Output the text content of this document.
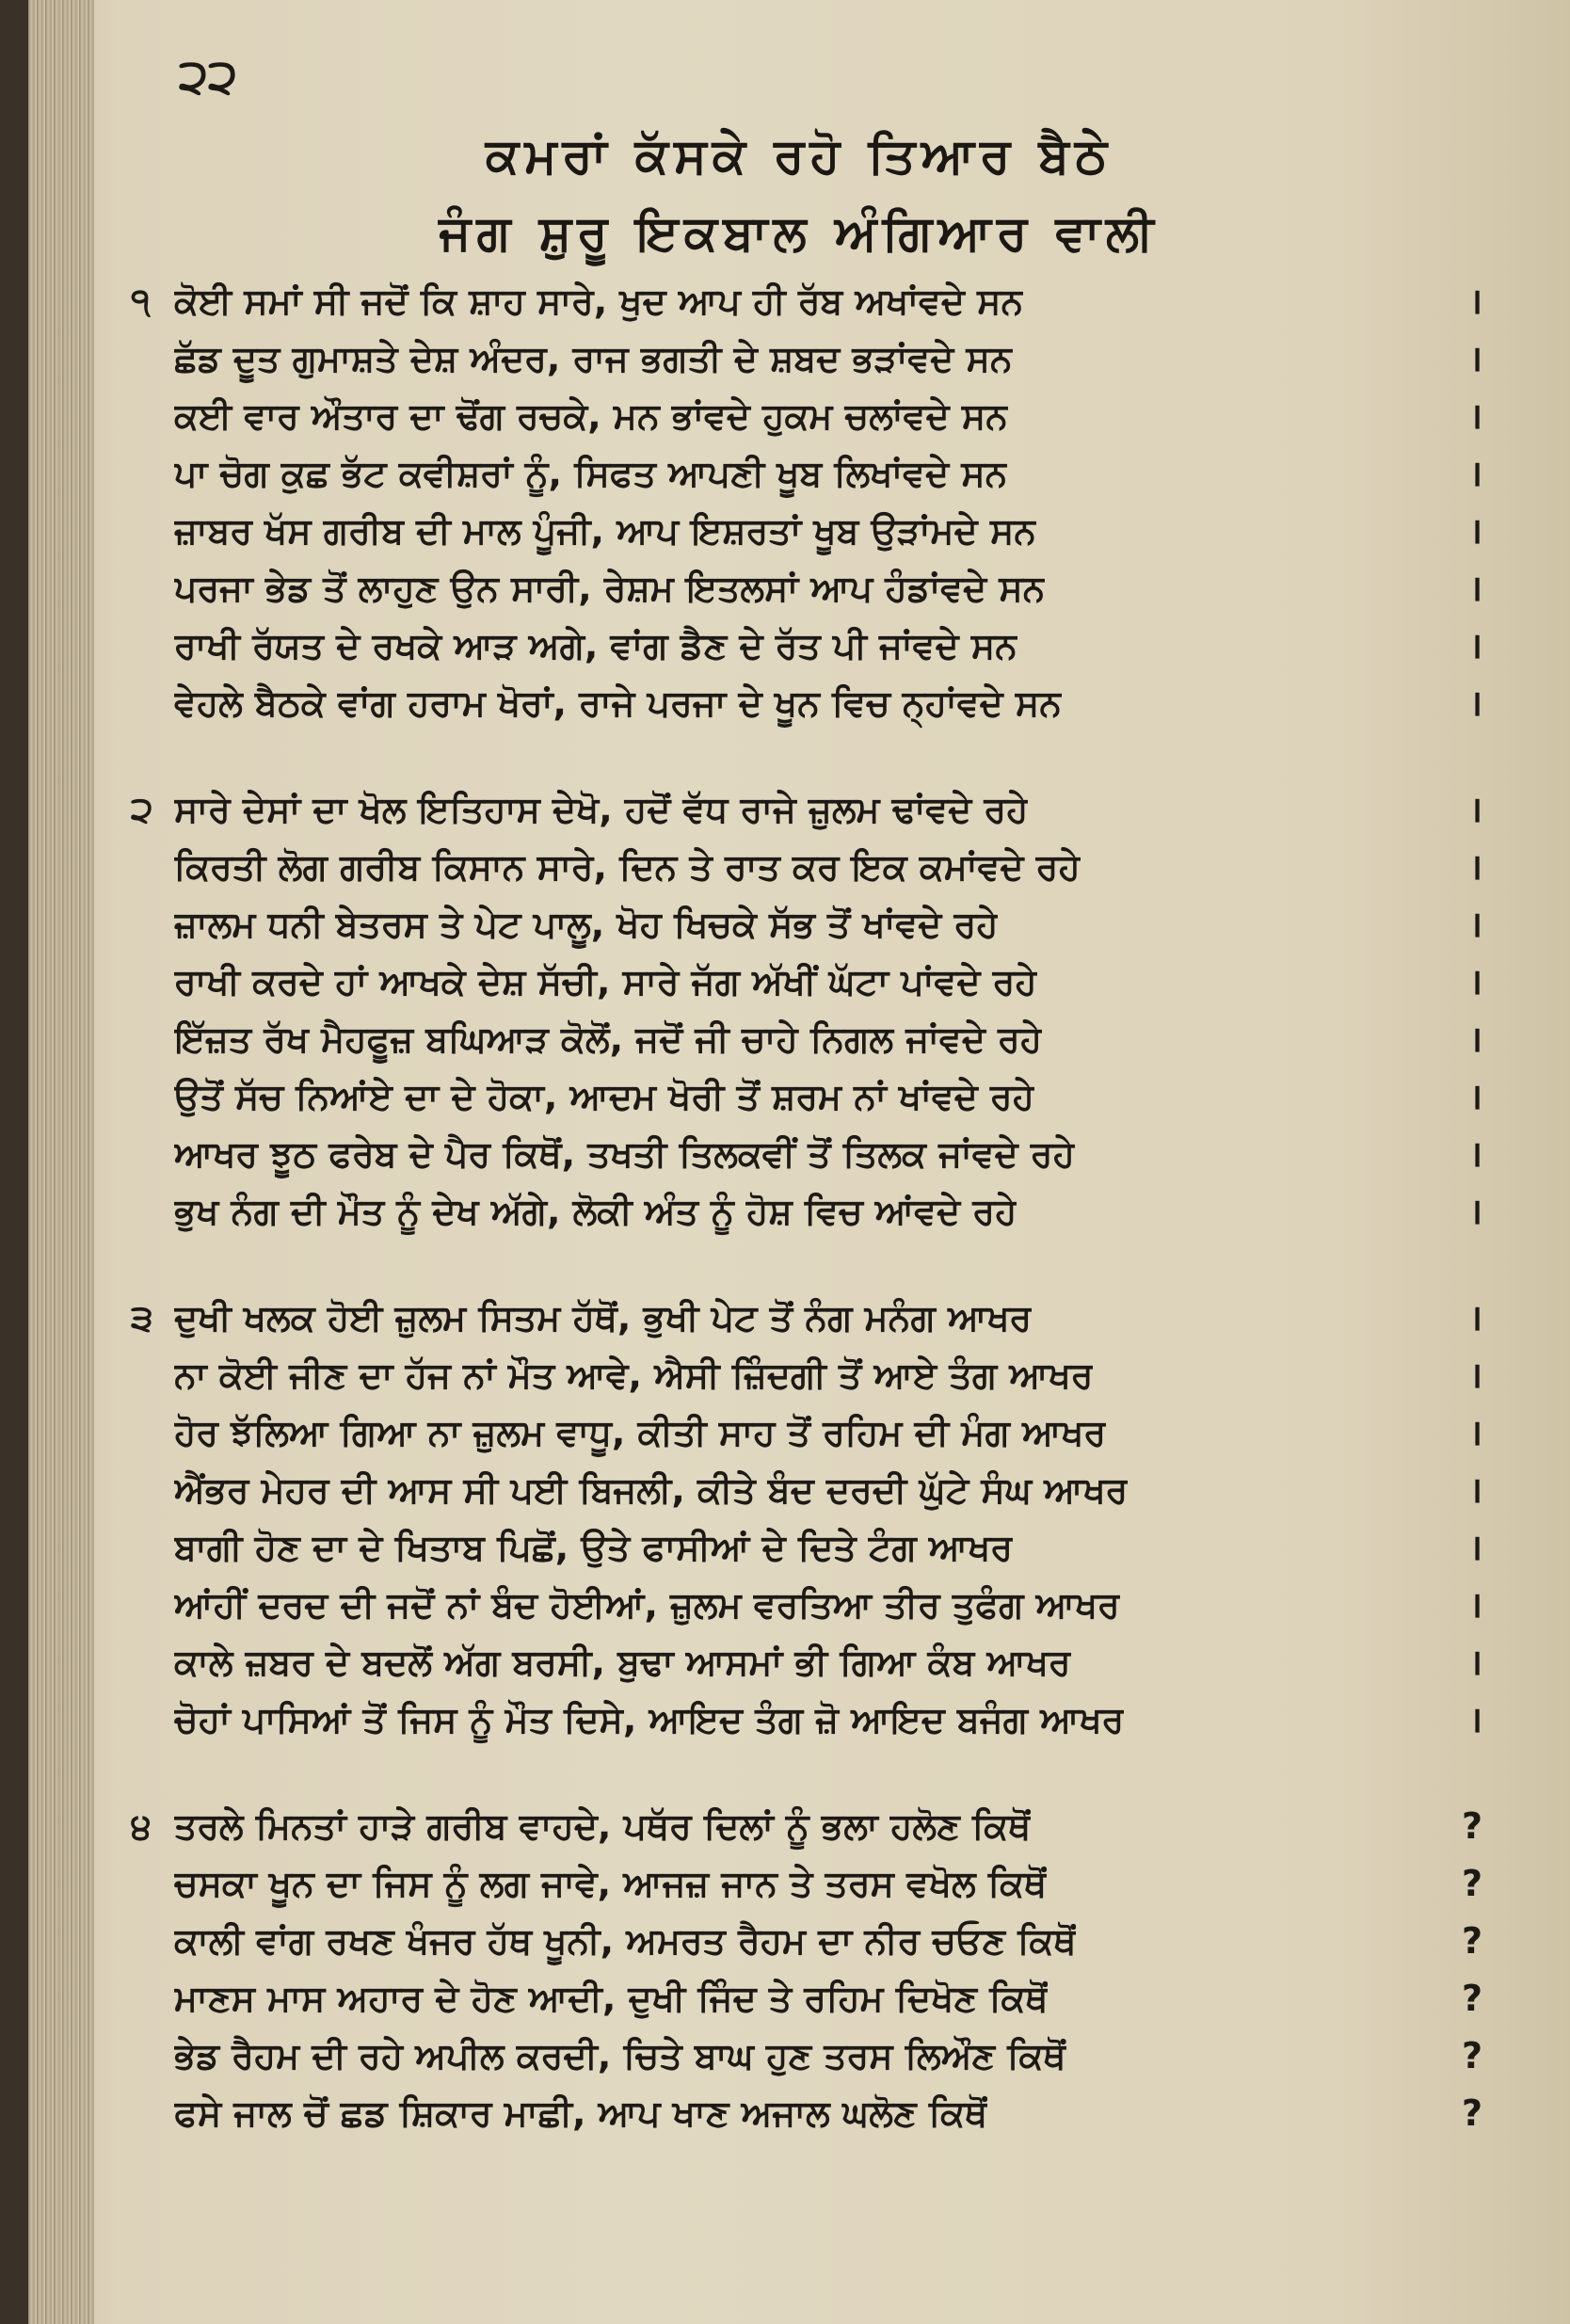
੨੨
ਕਮਰਾਂ ਕੱਸਕੇ ਰਹੋ ਤਿਆਰ ਬੈਠੇ
ਜੰਗ ਸ਼ੁਰੂ ਇਕਬਾਲ ਅੰਗਿਆਰ ਵਾਲੀ
੧ ਕੋਈ ਸਮਾਂ ਸੀ ਜਦੋਂ ਕਿ ਸ਼ਾਹ ਸਾਰੇ, ਖੁਦ ਆਪ ਹੀ ਰੱਬ ਅਖਾਂਵਦੇ ਸਨ	।
ਛੱਡ ਦੂਤ ਗੁਮਾਸ਼ਤੇ ਦੇਸ਼ ਅੰਦਰ, ਰਾਜ ਭਗਤੀ ਦੇ ਸ਼ਬਦ ਭੜਾਂਵਦੇ ਸਨ	।
ਕਈ ਵਾਰ ਔਤਾਰ ਦਾ ਢੋਂਗ ਰਚਕੇ, ਮਨ ਭਾਂਵਦੇ ਹੁਕਮ ਚਲਾਂਵਦੇ ਸਨ	।
ਪਾ ਚੋਗ ਕੁਛ ਭੱਟ ਕਵੀਸ਼ਰਾਂ ਨੂੰ, ਸਿਫਤ ਆਪਣੀ ਖੂਬ ਲਿਖਾਂਵਦੇ ਸਨ	।
ਜ਼ਾਬਰ ਖੱਸ ਗਰੀਬ ਦੀ ਮਾਲ ਪੂੰਜੀ, ਆਪ ਇਸ਼ਰਤਾਂ ਖੂਬ ਉੜਾਂਮਦੇ ਸਨ	।
ਪਰਜਾ ਭੇਡ ਤੋਂ ਲਾਹੁਣ ਉਨ ਸਾਰੀ, ਰੇਸ਼ਮ ਇਤਲਸਾਂ ਆਪ ਹੰਡਾਂਵਦੇ ਸਨ	।
ਰਾਖੀ ਰੱਯਤ ਦੇ ਰਖਕੇ ਆੜ ਅਗੇ, ਵਾਂਗ ਡੈਣ ਦੇ ਰੱਤ ਪੀ ਜਾਂਵਦੇ ਸਨ	।
ਵੇਹਲੇ ਬੈਠਕੇ ਵਾਂਗ ਹਰਾਮ ਖੋਰਾਂ, ਰਾਜੇ ਪਰਜਾ ਦੇ ਖੂਨ ਵਿਚ ਨ੍ਹਾਂਵਦੇ ਸਨ	।
੨ ਸਾਰੇ ਦੇਸਾਂ ਦਾ ਖੋਲ ਇਤਿਹਾਸ ਦੇਖੋ, ਹਦੋਂ ਵੱਧ ਰਾਜੇ ਜ਼ੁਲਮ ਢਾਂਵਦੇ ਰਹੇ	।
ਕਿਰਤੀ ਲੋਗ ਗਰੀਬ ਕਿਸਾਨ ਸਾਰੇ, ਦਿਨ ਤੇ ਰਾਤ ਕਰ ਇਕ ਕਮਾਂਵਦੇ ਰਹੇ	।
ਜ਼ਾਲਮ ਧਨੀ ਬੇਤਰਸ ਤੇ ਪੇਟ ਪਾਲੂ, ਖੋਹ ਖਿਚਕੇ ਸੱਭ ਤੋਂ ਖਾਂਵਦੇ ਰਹੇ	।
ਰਾਖੀ ਕਰਦੇ ਹਾਂ ਆਖਕੇ ਦੇਸ਼ ਸੱਚੀ, ਸਾਰੇ ਜੱਗ ਅੱਖੀਂ ਘੱਟਾ ਪਾਂਵਦੇ ਰਹੇ	।
ਇੱਜ਼ਤ ਰੱਖ ਮੈਹਫੂਜ਼ ਬਘਿਆੜ ਕੋਲੋਂ, ਜਦੋਂ ਜੀ ਚਾਹੇ ਨਿਗਲ ਜਾਂਵਦੇ ਰਹੇ	।
ਉਤੋਂ ਸੱਚ ਨਿਆਂਏ ਦਾ ਦੇ ਹੋਕਾ, ਆਦਮ ਖੋਰੀ ਤੋਂ ਸ਼ਰਮ ਨਾਂ ਖਾਂਵਦੇ ਰਹੇ	।
ਆਖਰ ਝੂਠ ਫਰੇਬ ਦੇ ਪੈਰ ਕਿਥੋਂ, ਤਖਤੀ ਤਿਲਕਵੀਂ ਤੋਂ ਤਿਲਕ ਜਾਂਵਦੇ ਰਹੇ	।
ਭੁਖ ਨੰਗ ਦੀ ਮੌਤ ਨੂੰ ਦੇਖ ਅੱਗੇ, ਲੋਕੀ ਅੰਤ ਨੂੰ ਹੋਸ਼ ਵਿਚ ਆਂਵਦੇ ਰਹੇ	।
੩ ਦੁਖੀ ਖਲਕ ਹੋਈ ਜ਼ੁਲਮ ਸਿਤਮ ਹੱਥੋਂ, ਭੁਖੀ ਪੇਟ ਤੋਂ ਨੰਗ ਮਨੰਗ ਆਖਰ	।
ਨਾ ਕੋਈ ਜੀਣ ਦਾ ਹੱਜ ਨਾਂ ਮੌਤ ਆਵੇ, ਐਸੀ ਜ਼ਿੰਦਗੀ ਤੋਂ ਆਏ ਤੰਗ ਆਖਰ	।
ਹੋਰ ਝੱਲਿਆ ਗਿਆ ਨਾ ਜ਼ੁਲਮ ਵਾਧੂ, ਕੀਤੀ ਸਾਹ ਤੋਂ ਰਹਿਮ ਦੀ ਮੰਗ ਆਖਰ	।
ਐਂਭਰ ਮੇਹਰ ਦੀ ਆਸ ਸੀ ਪਈ ਬਿਜਲੀ, ਕੀਤੇ ਬੰਦ ਦਰਦੀ ਘੁੱਟੇ ਸੰਘ ਆਖਰ	।
ਬਾਗੀ ਹੋਣ ਦਾ ਦੇ ਖਿਤਾਬ ਪਿਛੋਂ, ਉਤੇ ਫਾਸੀਆਂ ਦੇ ਦਿਤੇ ਟੰਗ ਆਖਰ	।
ਆਂਹੀਂ ਦਰਦ ਦੀ ਜਦੋਂ ਨਾਂ ਬੰਦ ਹੋਈਆਂ, ਜ਼ੁਲਮ ਵਰਤਿਆ ਤੀਰ ਤੁਫੰਗ ਆਖਰ	।
ਕਾਲੇ ਜ਼ਬਰ ਦੇ ਬਦਲੋਂ ਅੱਗ ਬਰਸੀ, ਬੁਢਾ ਆਸਮਾਂ ਭੀ ਗਿਆ ਕੰਬ ਆਖਰ	।
ਚੋਹਾਂ ਪਾਸਿਆਂ ਤੋਂ ਜਿਸ ਨੂੰ ਮੌਤ ਦਿਸੇ, ਆਇਦ ਤੰਗ ਜ਼ੋ ਆਇਦ ਬਜੰਗ ਆਖਰ	।
੪ ਤਰਲੇ ਮਿਨਤਾਂ ਹਾੜੇ ਗਰੀਬ ਵਾਹਦੇ, ਪਥੱਰ ਦਿਲਾਂ ਨੂੰ ਭਲਾ ਹਲੋਣ ਕਿਥੋਂ	?
ਚਸਕਾ ਖੂਨ ਦਾ ਜਿਸ ਨੂੰ ਲਗ ਜਾਵੇ, ਆਜਜ਼ ਜਾਨ ਤੇ ਤਰਸ ਵਖੋਲ ਕਿਥੋਂ	?
ਕਾਲੀ ਵਾਂਗ ਰਖਣ ਖੰਜਰ ਹੱਥ ਖੂਨੀ, ਅਮਰਤ ਰੈਹਮ ਦਾ ਨੀਰ ਚਓਣ ਕਿਥੋਂ	?
ਮਾਣਸ ਮਾਸ ਅਹਾਰ ਦੇ ਹੋਣ ਆਦੀ, ਦੁਖੀ ਜਿੰਦ ਤੇ ਰਹਿਮ ਦਿਖੋਣ ਕਿਥੋਂ	?
ਭੇਡ ਰੈਹਮ ਦੀ ਰਹੇ ਅਪੀਲ ਕਰਦੀ, ਚਿਤੇ ਬਾਘ ਹੁਣ ਤਰਸ ਲਿਔਣ ਕਿਥੋਂ	?
ਫਸੇ ਜਾਲ ਚੋਂ ਛਡ ਸ਼ਿਕਾਰ ਮਾਛੀ, ਆਪ ਖਾਣ ਅਜਾਲ ਘਲੋਣ ਕਿਥੋਂ	?
